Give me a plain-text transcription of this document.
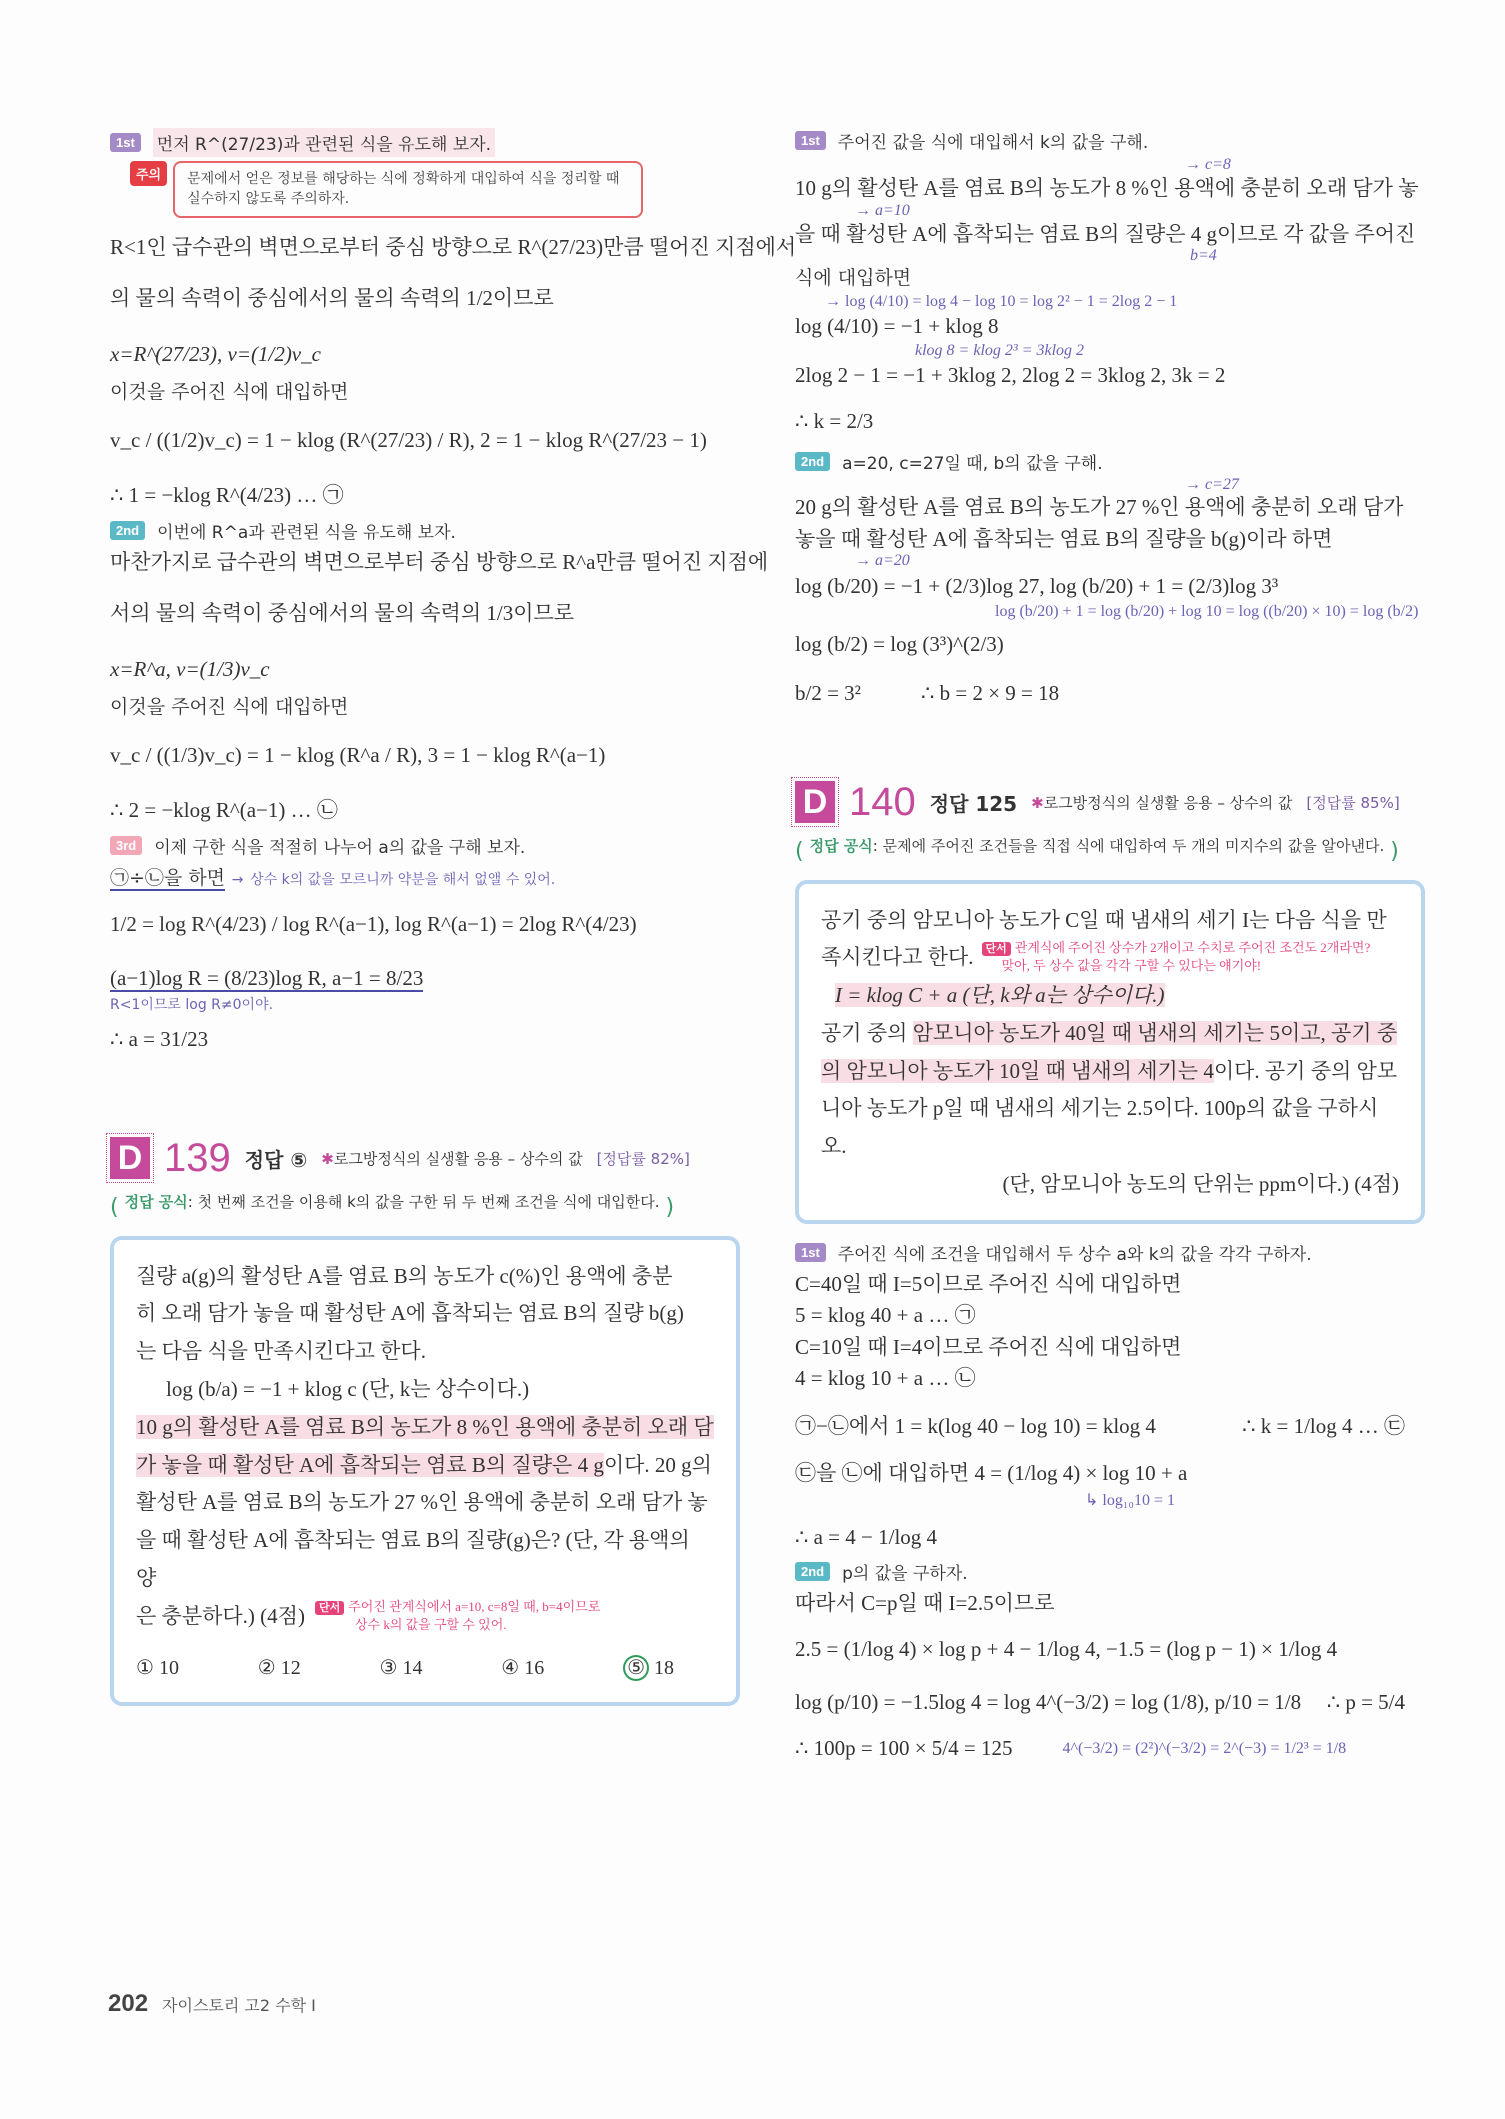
1st	먼저 R^(27/23)과 관련된 식을 유도해 보자.
주의	문제에서 얻은 정보를 해당하는 식에 정확하게 대입하여 식을 정리할 때
실수하지 않도록 주의하자.
R<1인 급수관의 벽면으로부터 중심 방향으로 R^(27/23)만큼 떨어진 지점에서
의 물의 속력이 중심에서의 물의 속력의 1/2이므로
x=R^(27/23), v=(1/2)v_c
이것을 주어진 식에 대입하면
v_c / ((1/2)v_c) = 1 − klog (R^(27/23) / R), 2 = 1 − klog R^(27/23 − 1)
∴ 1 = −klog R^(4/23) … ㉠
2nd	이번에 R^a과 관련된 식을 유도해 보자.
마찬가지로 급수관의 벽면으로부터 중심 방향으로 R^a만큼 떨어진 지점에
서의 물의 속력이 중심에서의 물의 속력의 1/3이므로
x=R^a, v=(1/3)v_c
이것을 주어진 식에 대입하면
v_c / ((1/3)v_c) = 1 − klog (R^a / R), 3 = 1 − klog R^(a−1)
∴ 2 = −klog R^(a−1) … ㉡
3rd	이제 구한 식을 적절히 나누어 a의 값을 구해 보자.
㉠÷㉡을 하면 → 상수 k의 값을 모르니까 약분을 해서 없앨 수 있어.
1/2 = log R^(4/23) / log R^(a−1), log R^(a−1) = 2log R^(4/23)
(a−1)log R = (8/23)log R, a−1 = 8/23
R<1이므로 log R≠0이야.
∴ a = 31/23
D 139 정답 ⑤ ✱로그방정식의 실생활 응용 – 상수의 값 [정답률 82%]
( 정답 공식: 첫 번째 조건을 이용해 k의 값을 구한 뒤 두 번째 조건을 식에 대입한다. )
질량 a(g)의 활성탄 A를 염료 B의 농도가 c(%)인 용액에 충분
히 오래 담가 놓을 때 활성탄 A에 흡착되는 염료 B의 질량 b(g)
는 다음 식을 만족시킨다고 한다.
log (b/a) = −1 + klog c (단, k는 상수이다.)
10 g의 활성탄 A를 염료 B의 농도가 8 %인 용액에 충분히 오래 담
가 놓을 때 활성탄 A에 흡착되는 염료 B의 질량은 4 g이다. 20 g의
활성탄 A를 염료 B의 농도가 27 %인 용액에 충분히 오래 담가 놓
을 때 활성탄 A에 흡착되는 염료 B의 질량(g)은? (단, 각 용액의 양
은 충분하다.) (4점)	단서 주어진 관계식에서 a=10, c=8일 때, b=4이므로
상수 k의 값을 구할 수 있어.
① 10	② 12	③ 14	④ 16	⑤ 18
1st	주어진 값을 식에 대입해서 k의 값을 구해.
→ c=8
10 g의 활성탄 A를 염료 B의 농도가 8 %인 용액에 충분히 오래 담가 놓
→ a=10
을 때 활성탄 A에 흡착되는 염료 B의 질량은 4 g이므로 각 값을 주어진
b=4
식에 대입하면
→ log (4/10) = log 4 − log 10 = log 2² − 1 = 2log 2 − 1
log (4/10) = −1 + klog 8
klog 8 = klog 2³ = 3klog 2
2log 2 − 1 = −1 + 3klog 2, 2log 2 = 3klog 2, 3k = 2
∴ k = 2/3
2nd	a=20, c=27일 때, b의 값을 구해.
→ c=27
20 g의 활성탄 A를 염료 B의 농도가 27 %인 용액에 충분히 오래 담가
놓을 때 활성탄 A에 흡착되는 염료 B의 질량을 b(g)이라 하면
→ a=20
log (b/20) = −1 + (2/3)log 27, log (b/20) + 1 = (2/3)log 3³
log (b/20) + 1 = log (b/20) + log 10 = log ((b/20) × 10) = log (b/2)
log (b/2) = log (3³)^(2/3)
b/2 = 3²	∴ b = 2 × 9 = 18
D 140 정답 125 ✱로그방정식의 실생활 응용 – 상수의 값 [정답률 85%]
( 정답 공식: 문제에 주어진 조건들을 직접 식에 대입하여 두 개의 미지수의 값을 알아낸다. )
공기 중의 암모니아 농도가 C일 때 냄새의 세기 I는 다음 식을 만
족시킨다고 한다.	단서 관계식에 주어진 상수가 2개이고 수치로 주어진 조건도 2개라면?
맞아, 두 상수 값을 각각 구할 수 있다는 얘기야!
I = klog C + a (단, k와 a는 상수이다.)
공기 중의 암모니아 농도가 40일 때 냄새의 세기는 5이고, 공기 중
의 암모니아 농도가 10일 때 냄새의 세기는 4이다. 공기 중의 암모
니아 농도가 p일 때 냄새의 세기는 2.5이다. 100p의 값을 구하시오.
(단, 암모니아 농도의 단위는 ppm이다.) (4점)
1st	주어진 식에 조건을 대입해서 두 상수 a와 k의 값을 각각 구하자.
C=40일 때 I=5이므로 주어진 식에 대입하면
5 = klog 40 + a … ㉠
C=10일 때 I=4이므로 주어진 식에 대입하면
4 = klog 10 + a … ㉡
㉠−㉡에서 1 = k(log 40 − log 10) = klog 4	∴ k = 1/log 4 … ㉢
㉢을 ㉡에 대입하면 4 = (1/log 4) × log 10 + a
↳ log₁₀10 = 1
∴ a = 4 − 1/log 4
2nd	p의 값을 구하자.
따라서 C=p일 때 I=2.5이므로
2.5 = (1/log 4) × log p + 4 − 1/log 4, −1.5 = (log p − 1) × 1/log 4
log (p/10) = −1.5log 4 = log 4^(−3/2) = log (1/8), p/10 = 1/8 ∴ p = 5/4
∴ 100p = 100 × 5/4 = 125	4^(−3/2) = (2²)^(−3/2) = 2^(−3) = 1/2³ = 1/8
202 자이스토리 고2 수학 I
